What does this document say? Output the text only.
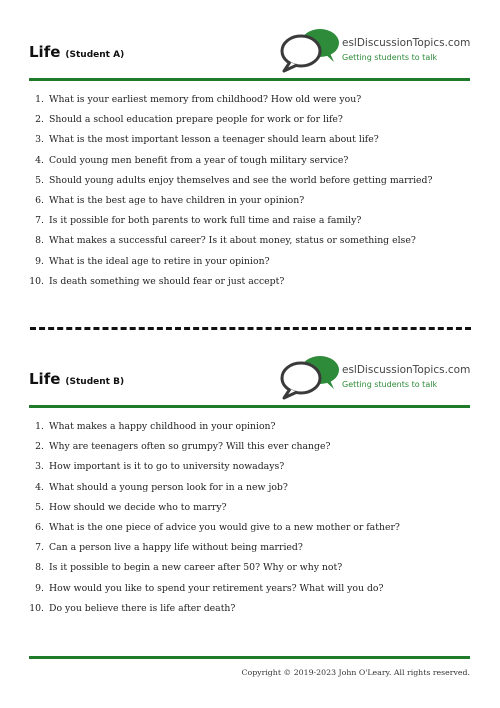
Life (Student A)
eslDiscussionTopics.com
Getting students to talk
1. What is your earliest memory from childhood? How old were you?
2. Should a school education prepare people for work or for life?
3. What is the most important lesson a teenager should learn about life?
4. Could young men benefit from a year of tough military service?
5. Should young adults enjoy themselves and see the world before getting married?
6. What is the best age to have children in your opinion?
7. Is it possible for both parents to work full time and raise a family?
8. What makes a successful career? Is it about money, status or something else?
9. What is the ideal age to retire in your opinion?
10. Is death something we should fear or just accept?
Life (Student B)
eslDiscussionTopics.com
Getting students to talk
1. What makes a happy childhood in your opinion?
2. Why are teenagers often so grumpy? Will this ever change?
3. How important is it to go to university nowadays?
4. What should a young person look for in a new job?
5. How should we decide who to marry?
6. What is the one piece of advice you would give to a new mother or father?
7. Can a person live a happy life without being married?
8. Is it possible to begin a new career after 50? Why or why not?
9. How would you like to spend your retirement years? What will you do?
10. Do you believe there is life after death?
Copyright © 2019-2023 John O'Leary. All rights reserved.
